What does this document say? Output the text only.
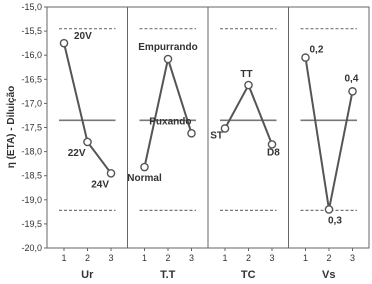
η (ETA) - Diluição
-15,0
-15,5
-16,0
-16,5
-17,0
-17,5
-18,0
-18,5
-19,0
-19,5
-20,0
1 2 3
Ur
20V
22V
24V
1 2 3
T.T
Normal
Empurrando
Puxando
1 2 3
TC
ST
TT
D8
1 2 3
Vs
0,2
0,3
0,4
